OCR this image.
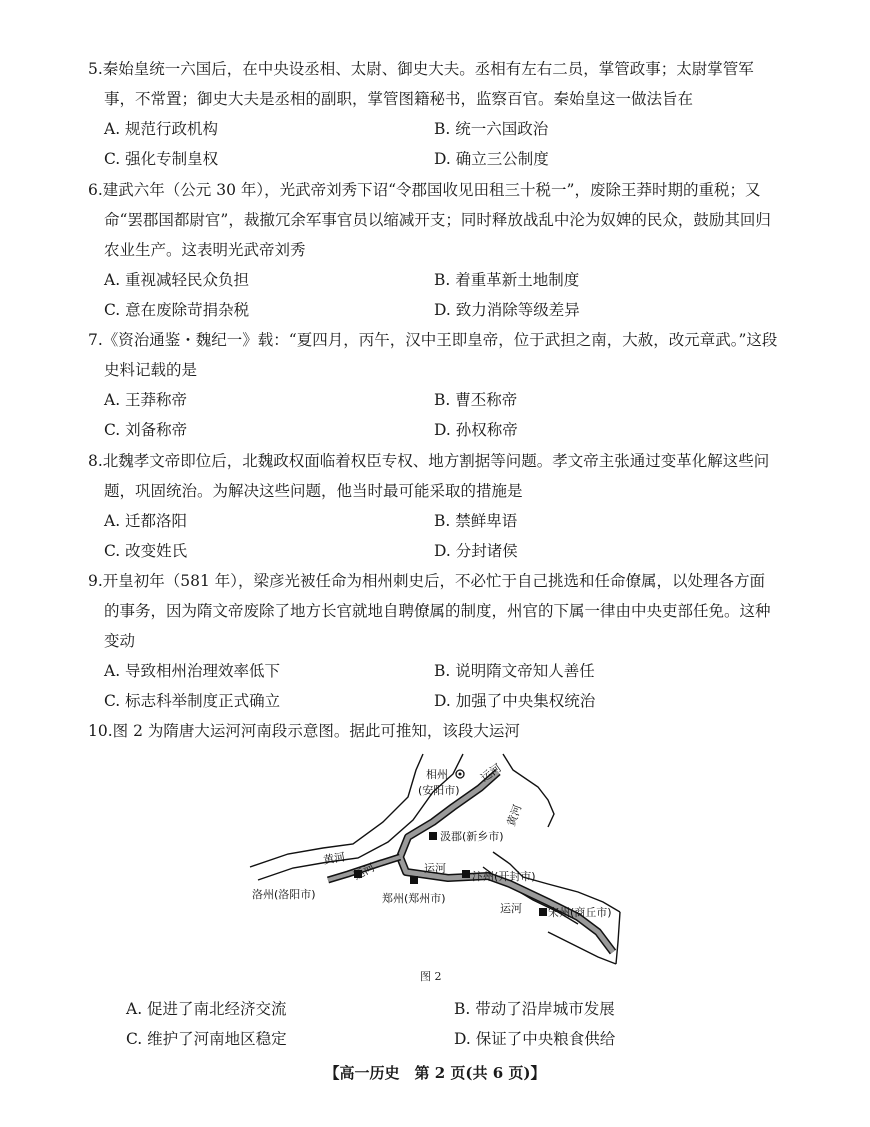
5.秦始皇统一六国后，在中央设丞相、太尉、御史大夫。丞相有左右二员，掌管政事；太尉掌管军事，不常置；御史大夫是丞相的副职，掌管图籍秘书，监察百官。秦始皇这一做法旨在
A. 规范行政机构	B. 统一六国政治
C. 强化专制皇权	D. 确立三公制度
6.建武六年（公元 30 年），光武帝刘秀下诏“令郡国收见田租三十税一”，废除王莽时期的重税；又命“罢郡国都尉官”，裁撤冗余军事官员以缩减开支；同时释放战乱中沦为奴婢的民众，鼓励其回归农业生产。这表明光武帝刘秀
A. 重视减轻民众负担	B. 着重革新土地制度
C. 意在废除苛捐杂税	D. 致力消除等级差异
7.《资治通鉴・魏纪一》载：“夏四月，丙午，汉中王即皇帝，位于武担之南，大赦，改元章武。”这段史料记载的是
A. 王莽称帝	B. 曹丕称帝
C. 刘备称帝	D. 孙权称帝
8.北魏孝文帝即位后，北魏政权面临着权臣专权、地方割据等问题。孝文帝主张通过变革化解这些问题，巩固统治。为解决这些问题，他当时最可能采取的措施是
A. 迁都洛阳	B. 禁鲜卑语
C. 改变姓氏	D. 分封诸侯
9.开皇初年（581 年），梁彦光被任命为相州刺史后，不必忙于自己挑选和任命僚属，以处理各方面的事务，因为隋文帝废除了地方长官就地自聘僚属的制度，州官的下属一律由中央吏部任免。这种变动
A. 导致相州治理效率低下	B. 说明隋文帝知人善任
C. 标志科举制度正式确立	D. 加强了中央集权统治
10.图 2 为隋唐大运河河南段示意图。据此可推知，该段大运河
相州
(安阳市)
汲郡(新乡市)
汴州(开封市)
洛州(洛阳市)	郑州(郑州市)
宋州(商丘市)
运河
黄河
黄河
运河	运河
运河
图 2
A. 促进了南北经济交流	B. 带动了沿岸城市发展
C. 维护了河南地区稳定	D. 保证了中央粮食供给
【高一历史　第 2 页(共 6 页)】
